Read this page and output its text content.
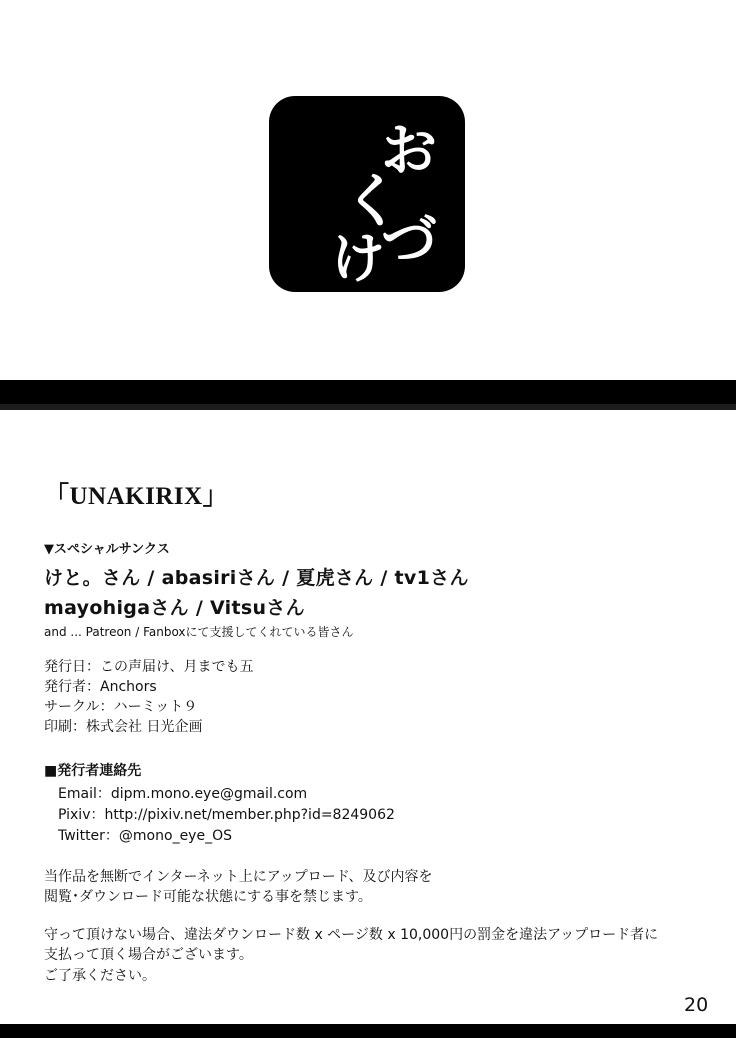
お
く
づ
け
「UNAKIRIX」
▼スペシャルサンクス
けと。さん / abasiriさん / 夏虎さん / tv1さん
mayohigaさん / Vitsuさん
and ... Patreon / Fanboxにて支援してくれている皆さん
発行日：この声届け、月までも五
発行者：Anchors
サークル：ハーミット９
印刷：株式会社 日光企画
■発行者連絡先
Email：dipm.mono.eye@gmail.com
Pixiv：http://pixiv.net/member.php?id=8249062
Twitter：@mono_eye_OS
当作品を無断でインターネット上にアップロード、及び内容を
閲覧･ダウンロード可能な状態にする事を禁じます。
守って頂けない場合、違法ダウンロード数 x ページ数 x 10,000円の罰金を違法アップロード者に
支払って頂く場合がございます。
ご了承ください。
20
